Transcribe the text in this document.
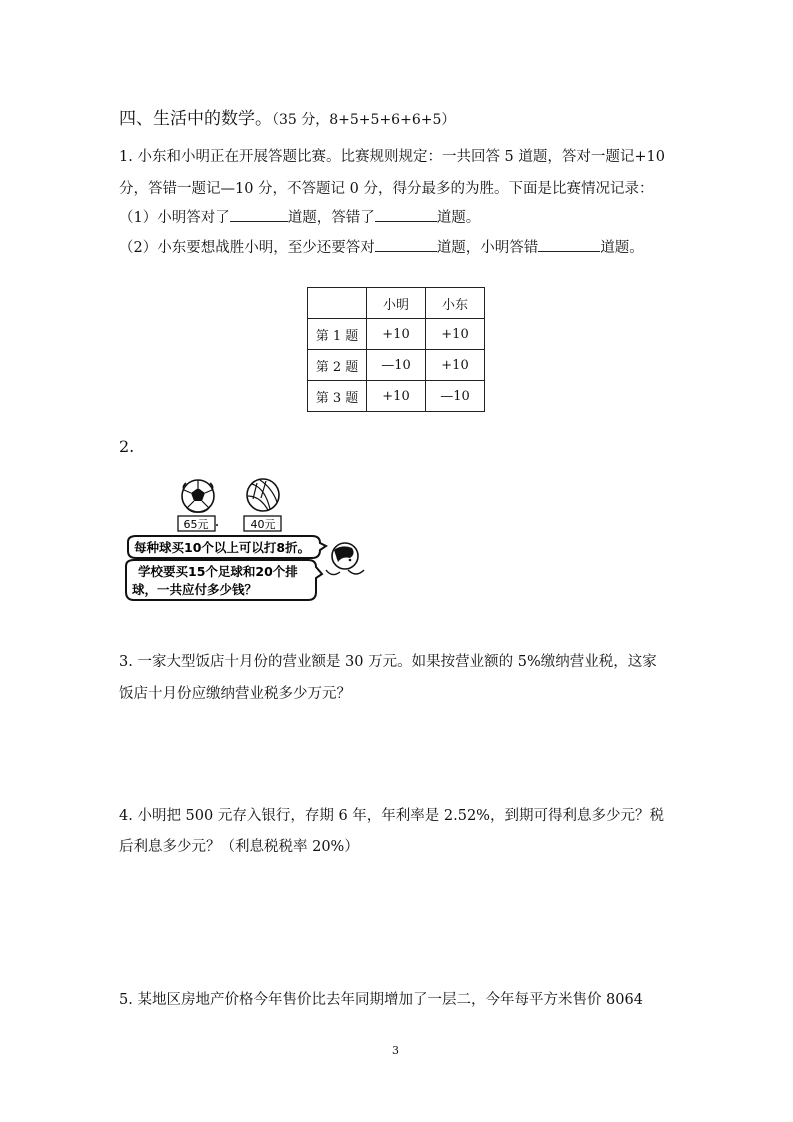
四、生活中的数学。（35 分，8+5+5+6+6+5）
1. 小东和小明正在开展答题比赛。比赛规则规定：一共回答 5 道题，答对一题记+10
分，答错一题记—10 分，不答题记 0 分，得分最多的为胜。下面是比赛情况记录：
（1）小明答对了	道题，答错了	道题。
（2）小东要想战胜小明，至少还要答对	道题，小明答错	道题。
	小明	小东
第 1 题	+10	+10
第 2 题	—10	+10
第 3 题	+10	—10
2.
65元	40元
每种球买10个以上可以打8折。
学校要买15个足球和20个排
球，一共应付多少钱？
3. 一家大型饭店十月份的营业额是 30 万元。如果按营业额的 5%缴纳营业税，这家
饭店十月份应缴纳营业税多少万元？
4. 小明把 500 元存入银行，存期 6 年，年利率是 2.52%，到期可得利息多少元？税
后利息多少元？（利息税税率 20%）
5. 某地区房地产价格今年售价比去年同期增加了一层二，今年每平方米售价 8064
3
